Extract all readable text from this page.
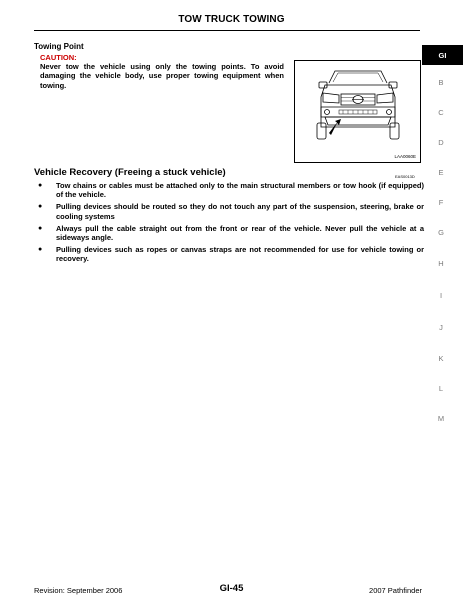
TOW TRUCK TOWING
GI
B
C
D
E
F
G
H
I
J
K
L
M
Towing Point
CAUTION:
Never tow the vehicle using only the towing points. To avoid damaging the vehicle body, use proper towing equipment when towing.
LAA0060E
EAS0013D
Vehicle Recovery (Freeing a stuck vehicle)
● Tow chains or cables must be attached only to the main structural members or tow hook (if equipped) of the vehicle.
● Pulling devices should be routed so they do not touch any part of the suspension, steering, brake or cooling systems
● Always pull the cable straight out from the front or rear of the vehicle. Never pull the vehicle at a sideways angle.
● Pulling devices such as ropes or canvas straps are not recommended for use for vehicle towing or recovery.
Revision: September 2006	GI-45	2007 Pathfinder
